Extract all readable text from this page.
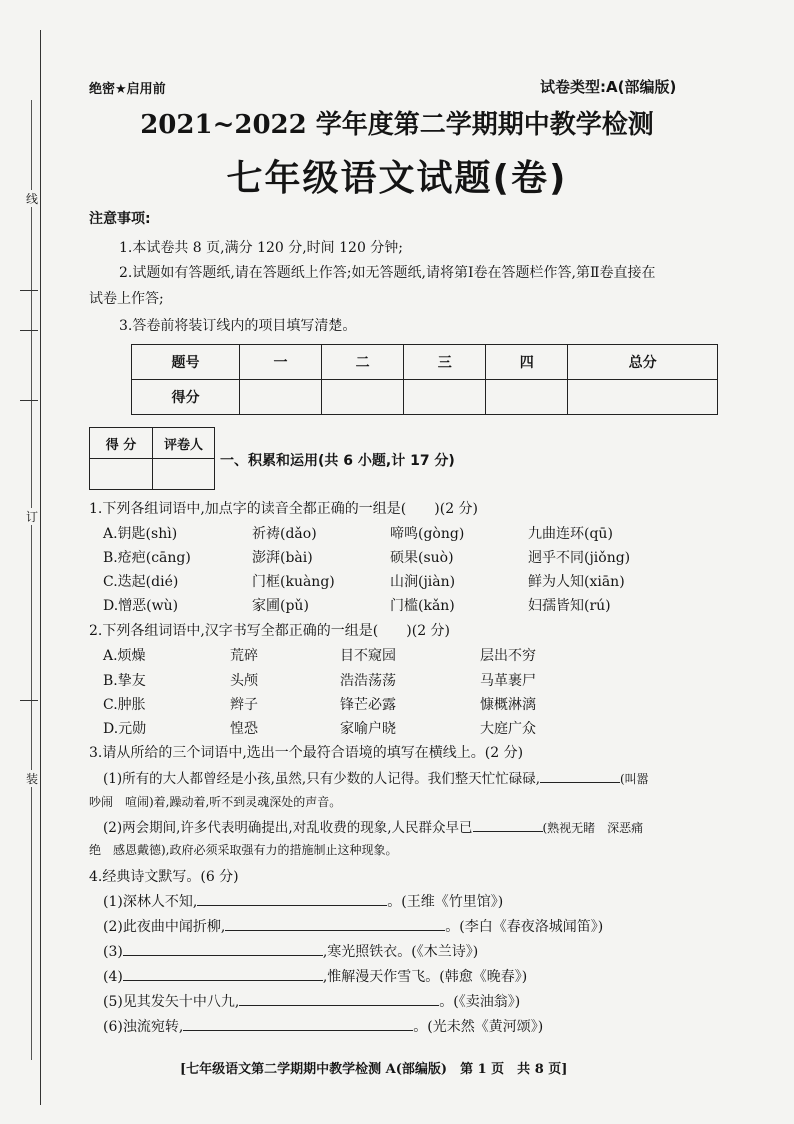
线
订
装
绝密★启用前	试卷类型:A(部编版)
2021~2022 学年度第二学期期中教学检测
七年级语文试题(卷)
注意事项:
1.本试卷共 8 页,满分 120 分,时间 120 分钟;
2.试题如有答题纸,请在答题纸上作答;如无答题纸,请将第Ⅰ卷在答题栏作答,第Ⅱ卷直接在
试卷上作答;
3.答卷前将装订线内的项目填写清楚。
题号	一	二	三	四	总分
得分					
得 分	评卷人

一、积累和运用(共 6 小题,计 17 分)
1.下列各组词语中,加点字的读音全都正确的一组是(　　)(2 分)
A.钥匙(shì)	祈祷(dǎo)	啼鸣(gòng)	九曲连环(qū)
B.疮疤(cāng)	澎湃(bài)	硕果(suò)	迥乎不同(jiǒng)
C.迭起(dié)	门框(kuàng)	山涧(jiàn)	鲜为人知(xiān)
D.憎恶(wù)	家圃(pǔ)	门槛(kǎn)	妇孺皆知(rú)
2.下列各组词语中,汉字书写全都正确的一组是(　　)(2 分)
A.烦燥	荒碎	目不窥园	层出不穷
B.挚友	头颅	浩浩荡荡	马革裹尸
C.肿胀	辫子	锋芒必露	慷概淋漓
D.元勋	惶恐	家喻户晓	大庭广众
3.请从所给的三个词语中,选出一个最符合语境的填写在横线上。(2 分)
(1)所有的大人都曾经是小孩,虽然,只有少数的人记得。我们整天忙忙碌碌,	(叫嚣
吵闹　喧闹)着,躁动着,听不到灵魂深处的声音。
(2)两会期间,许多代表明确提出,对乱收费的现象,人民群众早已	(熟视无睹　深恶痛
绝　感恩戴德),政府必须采取强有力的措施制止这种现象。
4.经典诗文默写。(6 分)
(1)深林人不知,	。(王维《竹里馆》)
(2)此夜曲中闻折柳,	。(李白《春夜洛城闻笛》)
(3)	,寒光照铁衣。(《木兰诗》)
(4)	,惟解漫天作雪飞。(韩愈《晚春》)
(5)见其发矢十中八九,	。(《卖油翁》)
(6)浊流宛转,	。(光未然《黄河颂》)
[七年级语文第二学期期中教学检测 A(部编版)　第 1 页　共 8 页]
